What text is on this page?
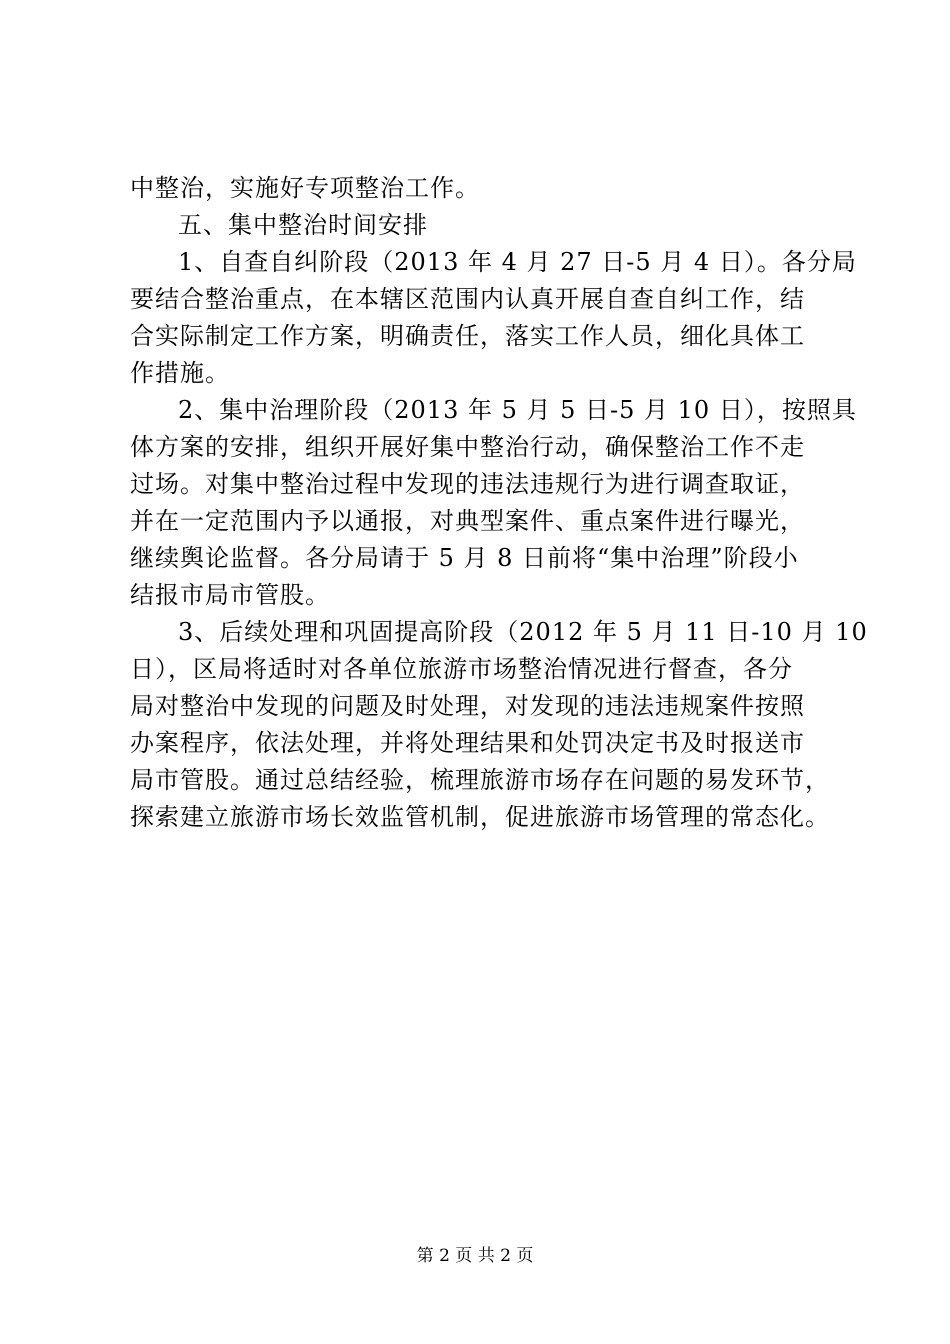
中整治，实施好专项整治工作。
五、集中整治时间安排
1、自查自纠阶段（2013 年 4 月 27 日-5 月 4 日）。各分局
要结合整治重点，在本辖区范围内认真开展自查自纠工作，结
合实际制定工作方案，明确责任，落实工作人员，细化具体工
作措施。
2、集中治理阶段（2013 年 5 月 5 日-5 月 10 日），按照具
体方案的安排，组织开展好集中整治行动，确保整治工作不走
过场。对集中整治过程中发现的违法违规行为进行调查取证，
并在一定范围内予以通报，对典型案件、重点案件进行曝光，
继续舆论监督。各分局请于 5 月 8 日前将“集中治理”阶段小
结报市局市管股。
3、后续处理和巩固提高阶段（2012 年 5 月 11 日-10 月 10
日），区局将适时对各单位旅游市场整治情况进行督查，各分
局对整治中发现的问题及时处理，对发现的违法违规案件按照
办案程序，依法处理，并将处理结果和处罚决定书及时报送市
局市管股。通过总结经验，梳理旅游市场存在问题的易发环节，
探索建立旅游市场长效监管机制，促进旅游市场管理的常态化。
第 2 页 共 2 页
